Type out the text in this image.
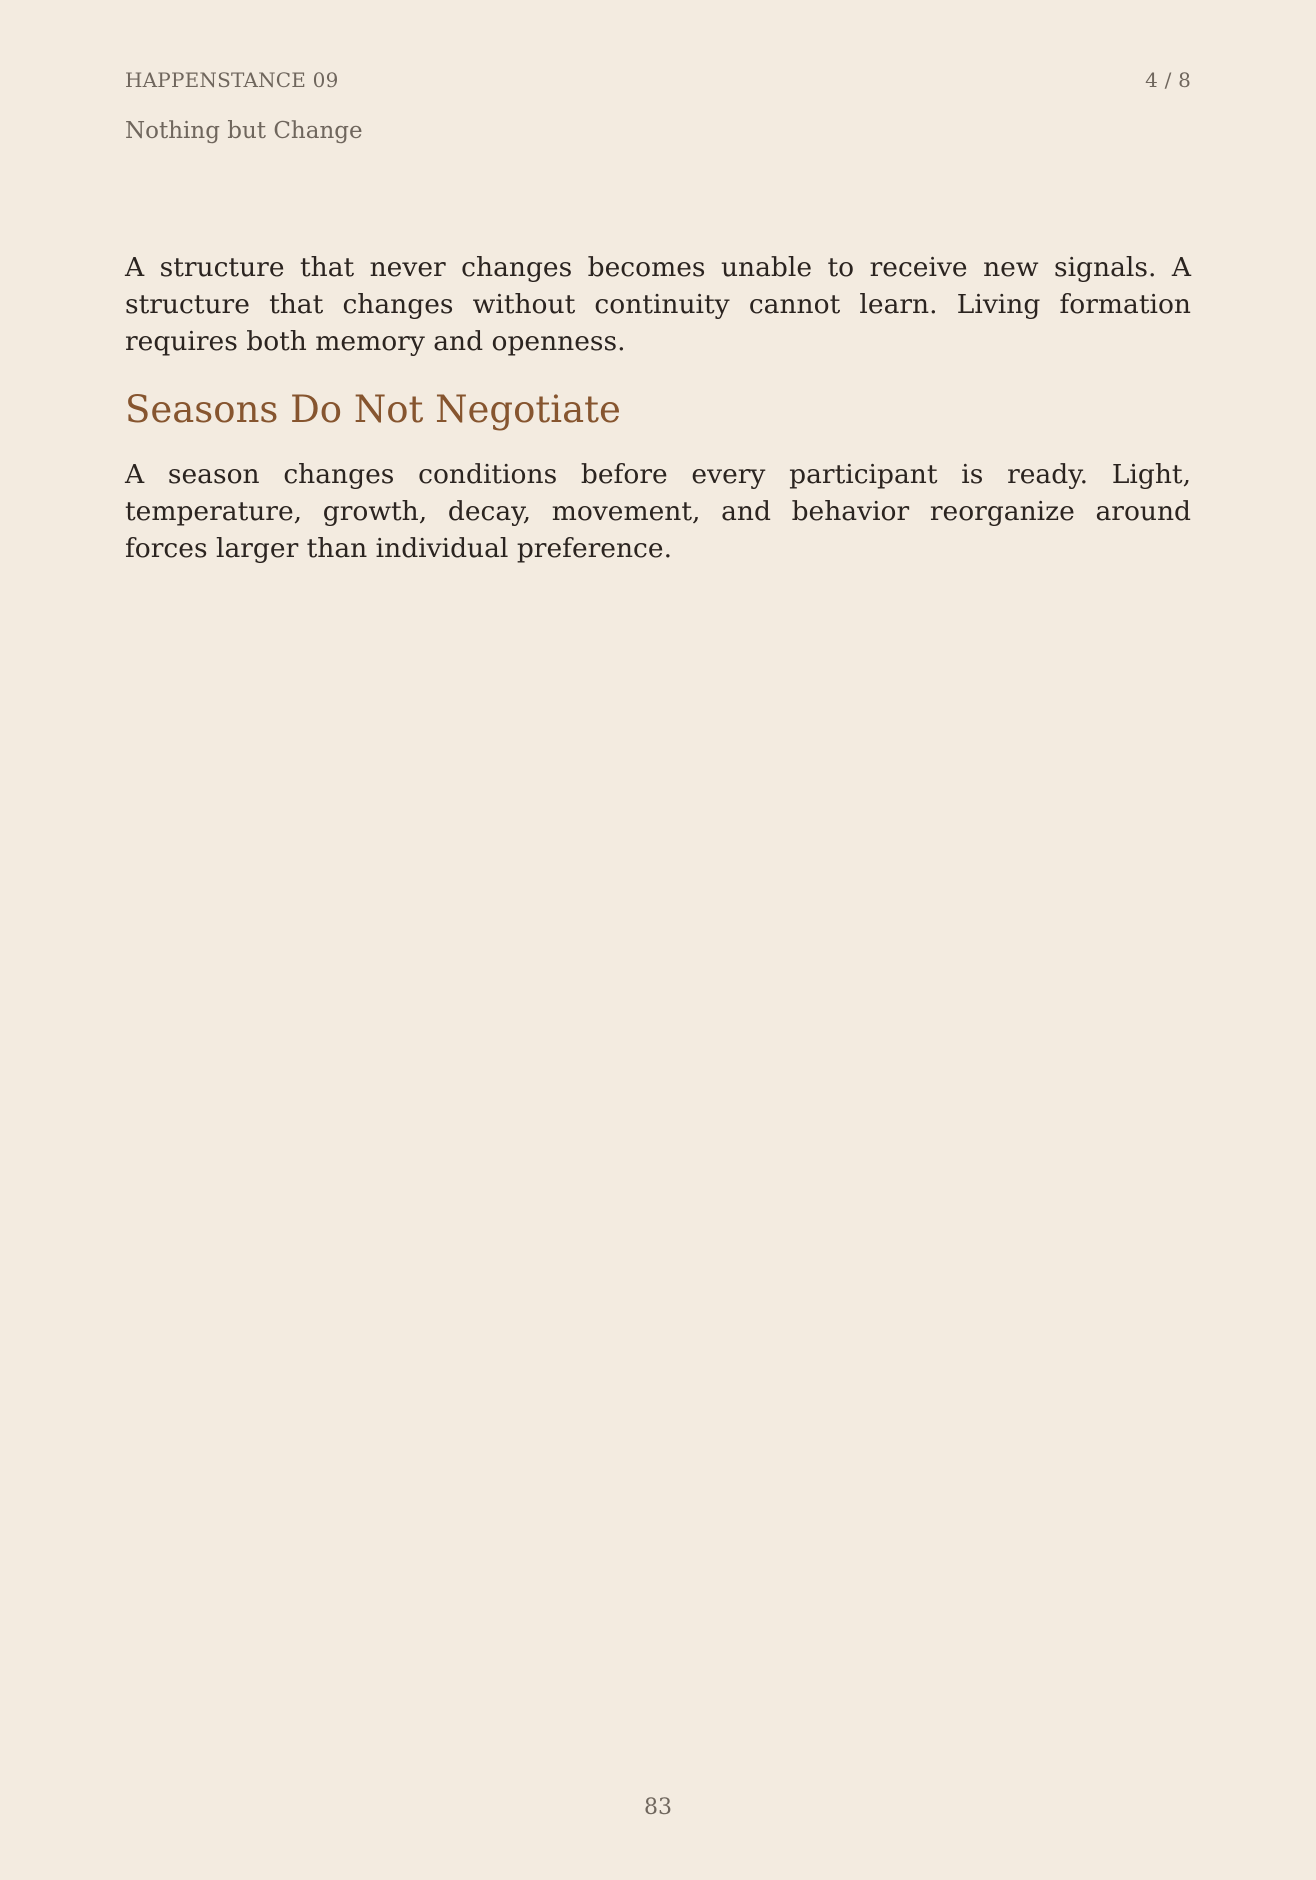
HAPPENSTANCE 09	4 / 8
Nothing but Change

A structure that never changes becomes unable to receive new signals. A structure that changes without continuity cannot learn. Living formation requires both memory and openness.

Seasons Do Not Negotiate

A season changes conditions before every participant is ready. Light, temperature, growth, decay, movement, and behavior reorganize around forces larger than individual preference.

83
